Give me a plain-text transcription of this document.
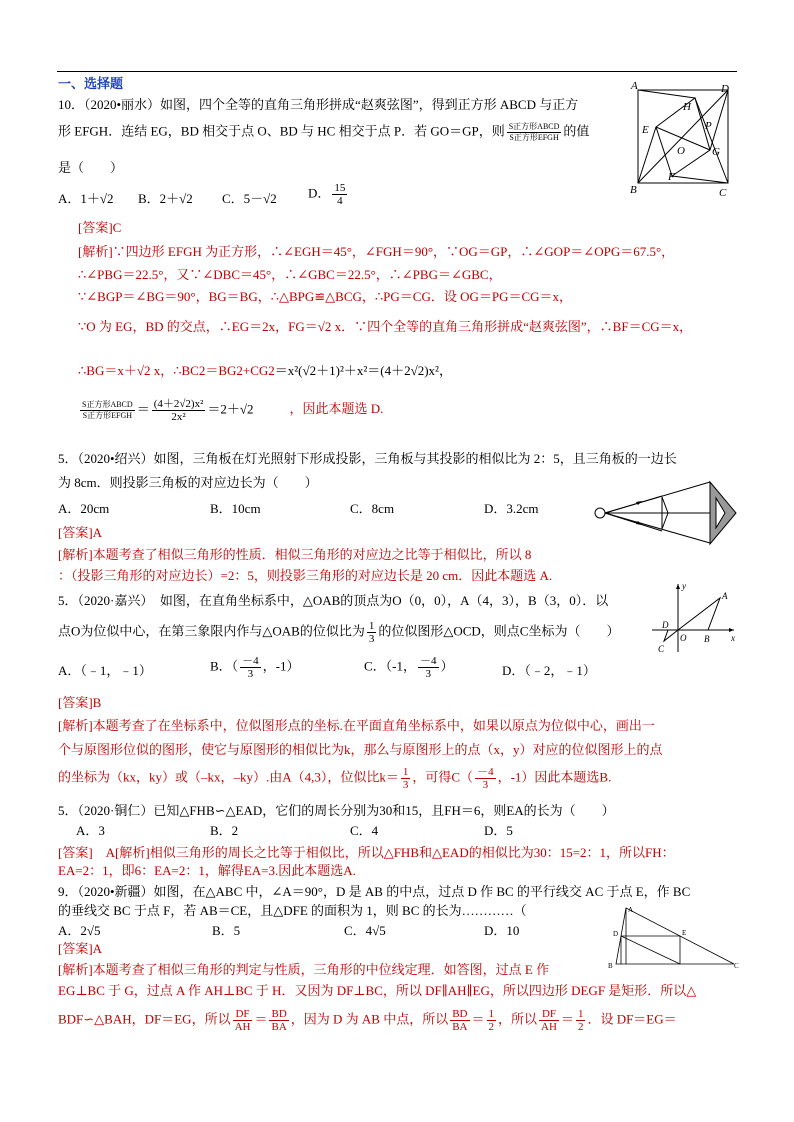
一、选择题
10．（2020•丽水）如图，四个全等的直角三角形拼成“赵爽弦图”，得到正方形 ABCD 与正方
形 EFGH．连结 EG，BD 相交于点 O、BD 与 HC 相交于点 P．若 GO＝GP，则 $\frac{\text{S正方形ABCD}}{\text{S正方形EFGH}}$ 的值
是（　　）
A．1＋√2 B．2＋√2 C．5－√2 D． $\frac{15}{4}$
A	D
B	C
E
H
P
G
O
F
[答案]C
[解析]∵四边形 EFGH 为正方形，∴∠EGH＝45°，∠FGH＝90°，∵OG＝GP，∴∠GOP＝∠OPG＝67.5°，
∴∠PBG＝22.5°，又∵∠DBC＝45°，∴∠GBC＝22.5°，∴∠PBG＝∠GBC，
∵∠BGP＝∠BG＝90°，BG＝BG，∴△BPG≌△BCG，∴PG＝CG．设 OG＝PG＝CG＝x，
∵O 为 EG，BD 的交点，∴EG＝2x，FG＝√2 x．∵四个全等的直角三角形拼成“赵爽弦图”，∴BF＝CG＝x，
∴BG＝x＋√2 x，∴BC2＝BG2+CG2＝x²(√2＋1)²＋x²＝(4＋2√2)x²，
$\frac{\text{S正方形ABCD}}{\text{S正方形EFGH}} = \frac{\text{(4＋2√2)x²}}{\text{2x²}} =2+√2$	，因此本题选 D.
5．（2020•绍兴）如图，三角板在灯光照射下形成投影，三角板与其投影的相似比为 2：5，且三角板的一边长
为 8cm．则投影三角板的对应边长为（　　）
A．20cm	B．10cm	C．8cm	D．3.2cm
[答案]A
[解析]本题考查了相似三角形的性质．相似三角形的对应边之比等于相似比，所以 8
：（投影三角形的对应边长）=2：5，则投影三角形的对应边长是 20 cm．因此本题选 A.
5．（2020·嘉兴）　如图，在直角坐标系中，△OAB的顶点为O（0，0），A（4，3），B（3，0）．以
点O为位似中心，在第三象限内作与△OAB的位似比为 $\frac{1}{3}$ 的位似图形△OCD，则点C坐标为（　　）
A．（﹣1，﹣1）	B．（ $\frac{-4}{3}$ ，-1）	C．（-1， $\frac{-4}{3}$ ）	D．（﹣2，﹣1）
y
x
A
B
O
C
D
[答案]B
[解析]本题考查了在坐标系中，位似图形点的坐标.在平面直角坐标系中，如果以原点为位似中心，画出一
个与原图形位似的图形，使它与原图形的相似比为k，那么与原图形上的点（x，y）对应的位似图形上的点
的坐标为（kx，ky）或（–kx，–ky）.由A（4,3），位似比$k= \frac{1}{3}$ ，可得$C( \frac{-4}{3}$ ，-1）因此本题选B.
5．（2020·铜仁）已知△FHB∽△EAD，它们的周长分别为30和15，且FH＝6，则EA的长为（　　）
A．3	B．2	C．4	D．5
[答案]　A[解析]相似三角形的周长之比等于相似比，所以△FHB和△EAD的相似比为30：15=2：1，所以FH：
EA=2：1，即6：EA=2：1，解得EA=3.因此本题选A.
9．（2020•新疆）如图，在△ABC 中，∠A＝90°，D 是 AB 的中点，过点 D 作 BC 的平行线交 AC 于点 E，作 BC
的垂线交 BC 于点 F，若 AB＝CE，且△DFE 的面积为 1，则 BC 的长为…………（
A．2√5	B．5	C．4√5	D．10
A
B	C
D	E
[答案]A
[解析]本题考查了相似三角形的判定与性质，三角形的中位线定理．如答图，过点 E 作
EG⊥BC 于 G，过点 A 作 AH⊥BC 于 H．又因为 DF⊥BC，所以 DF∥AH∥EG，所以四边形 DEGF 是矩形．所以△
BDF∽△BAH，DF＝EG，所以 $\frac{DF}{AH} = \frac{BD}{BA}$ ，因为 D 为 AB 中点，所以 $\frac{BD}{BA} = \frac{1}{2}$ ，所以 $\frac{DF}{AH} = \frac{1}{2}$ ．设 DF＝EG＝
